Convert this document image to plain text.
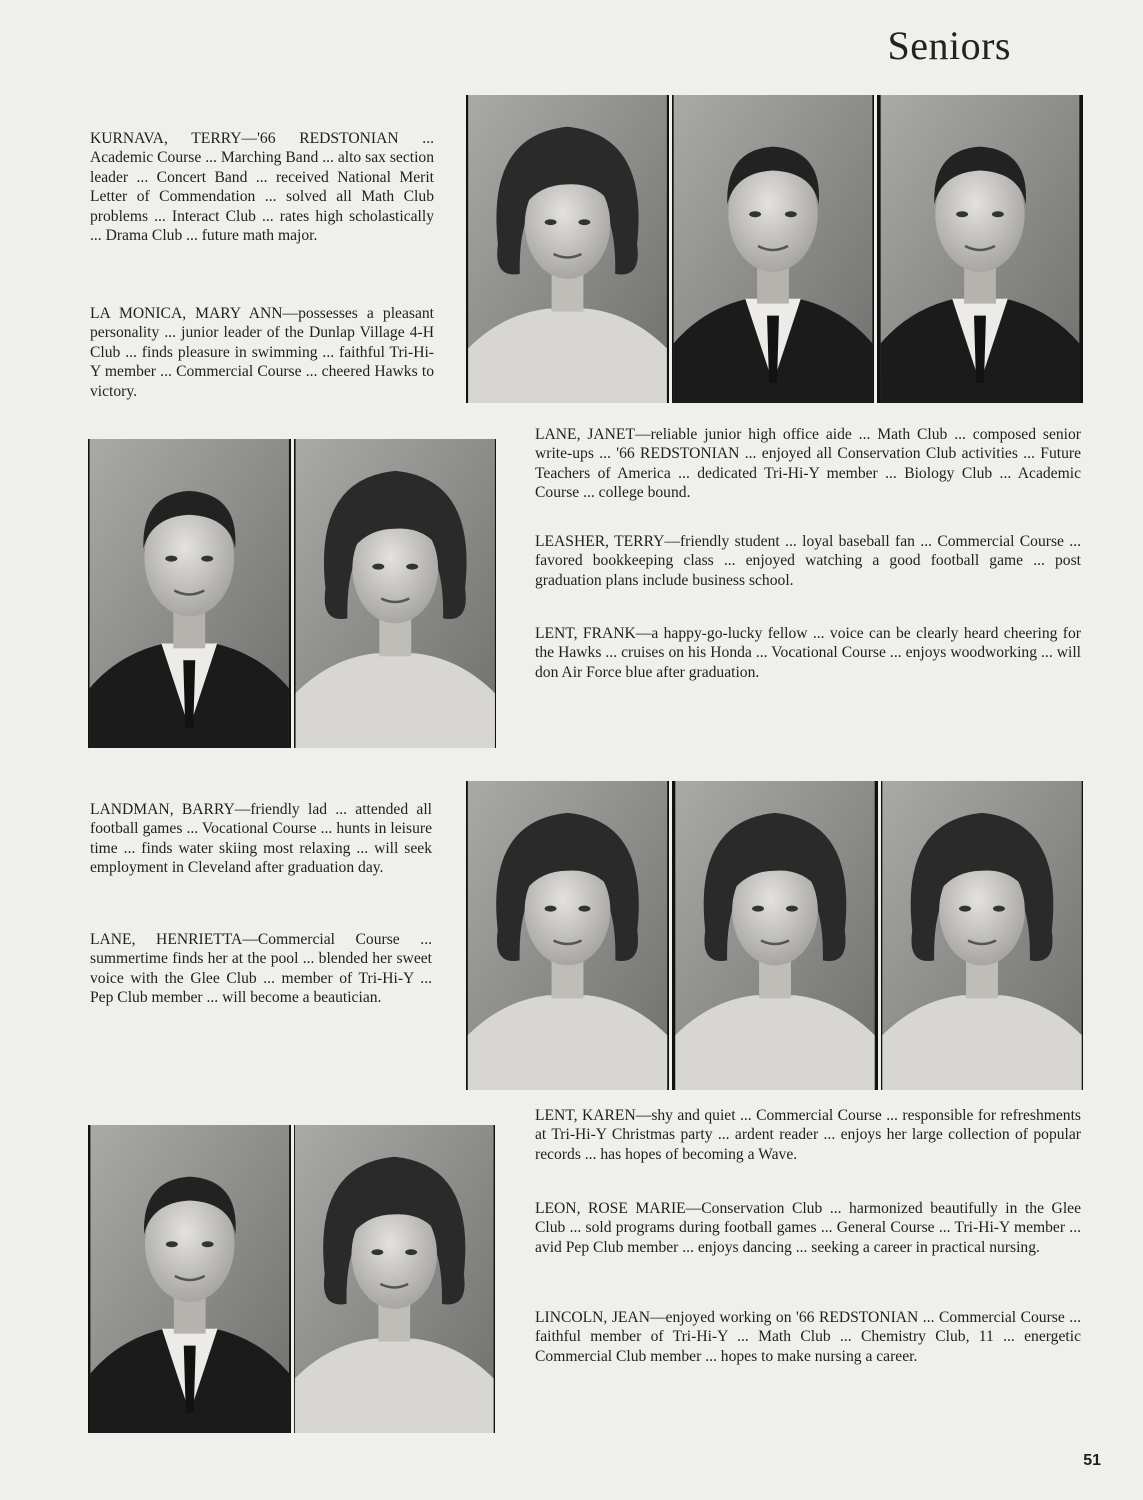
Seniors

KURNAVA, TERRY—'66 REDSTONIAN ... Academic Course ... Marching Band ... alto sax section leader ... Concert Band ... received National Merit Letter of Commendation ... solved all Math Club problems ... Interact Club ... rates high scholastically ... Drama Club ... future math major.

LA MONICA, MARY ANN—possesses a pleasant personality ... junior leader of the Dunlap Village 4-H Club ... finds pleasure in swimming ... faithful Tri-Hi-Y member ... Commercial Course ... cheered Hawks to victory.

LANE, JANET—reliable junior high office aide ... Math Club ... composed senior write-ups ... '66 REDSTONIAN ... enjoyed all Conservation Club activities ... Future Teachers of America ... dedicated Tri-Hi-Y member ... Biology Club ... Academic Course ... college bound.

LEASHER, TERRY—friendly student ... loyal baseball fan ... Commercial Course ... favored bookkeeping class ... enjoyed watching a good football game ... post graduation plans include business school.

LENT, FRANK—a happy-go-lucky fellow ... voice can be clearly heard cheering for the Hawks ... cruises on his Honda ... Vocational Course ... enjoys woodworking ... will don Air Force blue after graduation.

LANDMAN, BARRY—friendly lad ... attended all football games ... Vocational Course ... hunts in leisure time ... finds water skiing most relaxing ... will seek employment in Cleveland after graduation day.

LANE, HENRIETTA—Commercial Course ... summertime finds her at the pool ... blended her sweet voice with the Glee Club ... member of Tri-Hi-Y ... Pep Club member ... will become a beautician.

LENT, KAREN—shy and quiet ... Commercial Course ... responsible for refreshments at Tri-Hi-Y Christmas party ... ardent reader ... enjoys her large collection of popular records ... has hopes of becoming a Wave.

LEON, ROSE MARIE—Conservation Club ... harmonized beautifully in the Glee Club ... sold programs during football games ... General Course ... Tri-Hi-Y member ... avid Pep Club member ... enjoys dancing ... seeking a career in practical nursing.

LINCOLN, JEAN—enjoyed working on '66 REDSTONIAN ... Commercial Course ... faithful member of Tri-Hi-Y ... Math Club ... Chemistry Club, 11 ... energetic Commercial Club member ... hopes to make nursing a career.

51
